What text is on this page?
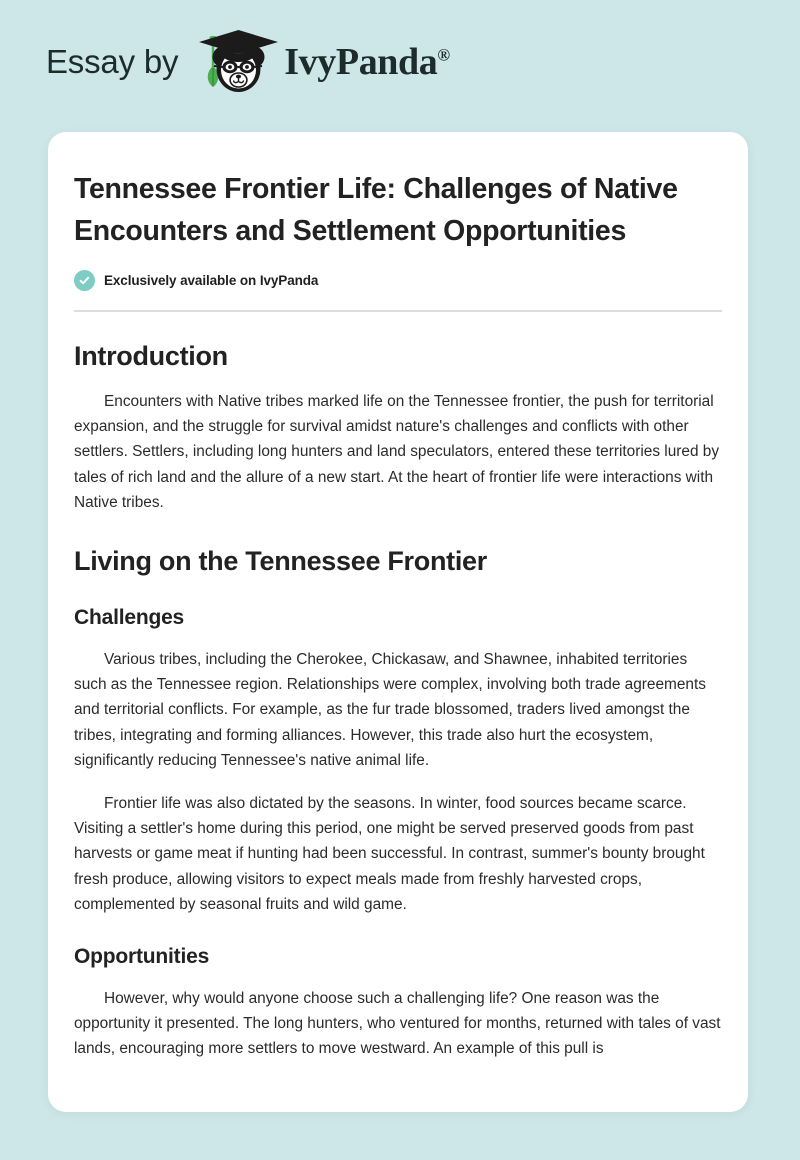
Essay by	IvyPanda®
Tennessee Frontier Life: Challenges of Native Encounters and Settlement Opportunities
Exclusively available on IvyPanda
Introduction

Encounters with Native tribes marked life on the Tennessee frontier, the push for territorial expansion, and the struggle for survival amidst nature's challenges and conflicts with other settlers. Settlers, including long hunters and land speculators, entered these territories lured by tales of rich land and the allure of a new start. At the heart of frontier life were interactions with Native tribes.

Living on the Tennessee Frontier
Challenges

Various tribes, including the Cherokee, Chickasaw, and Shawnee, inhabited territories such as the Tennessee region. Relationships were complex, involving both trade agreements and territorial conflicts. For example, as the fur trade blossomed, traders lived amongst the tribes, integrating and forming alliances. However, this trade also hurt the ecosystem, significantly reducing Tennessee's native animal life.

Frontier life was also dictated by the seasons. In winter, food sources became scarce. Visiting a settler's home during this period, one might be served preserved goods from past harvests or game meat if hunting had been successful. In contrast, summer's bounty brought fresh produce, allowing visitors to expect meals made from freshly harvested crops, complemented by seasonal fruits and wild game.

Opportunities

However, why would anyone choose such a challenging life? One reason was the opportunity it presented. The long hunters, who ventured for months, returned with tales of vast lands, encouraging more settlers to move westward. An example of this pull is
